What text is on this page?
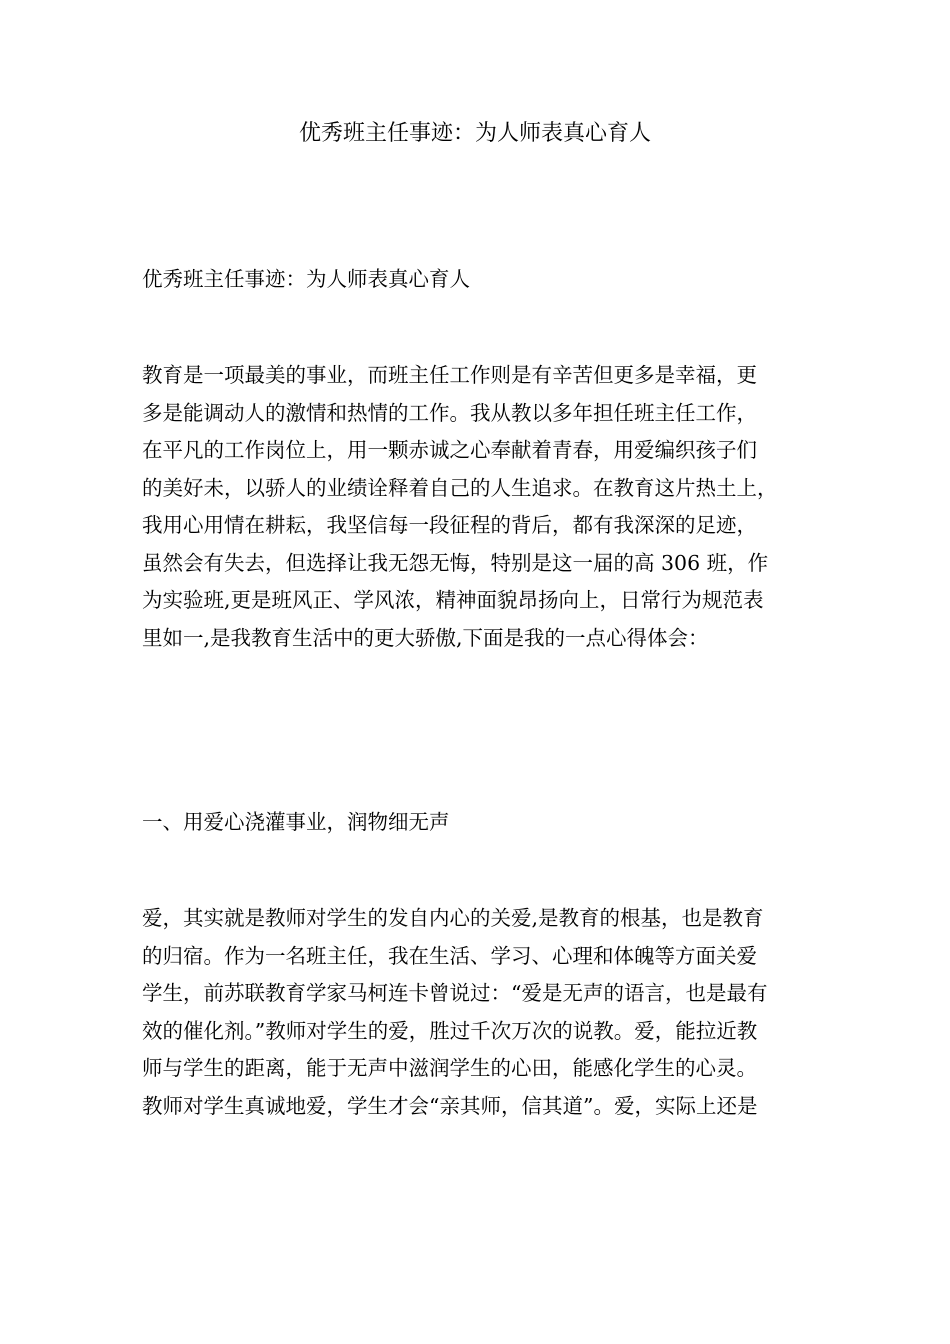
优秀班主任事迹：为人师表真心育人
优秀班主任事迹：为人师表真心育人
教育是一项最美的事业，而班主任工作则是有辛苦但更多是幸福，更
多是能调动人的激情和热情的工作。我从教以多年担任班主任工作，
在平凡的工作岗位上，用一颗赤诚之心奉献着青春，用爱编织孩子们
的美好未，以骄人的业绩诠释着自己的人生追求。在教育这片热土上，
我用心用情在耕耘，我坚信每一段征程的背后，都有我深深的足迹，
虽然会有失去，但选择让我无怨无悔，特别是这一届的高 306 班，作
为实验班,更是班风正、学风浓，精神面貌昂扬向上，日常行为规范表
里如一,是我教育生活中的更大骄傲,下面是我的一点心得体会：
一、用爱心浇灌事业，润物细无声
爱，其实就是教师对学生的发自内心的关爱,是教育的根基，也是教育
的归宿。作为一名班主任，我在生活、学习、心理和体魄等方面关爱
学生，前苏联教育学家马柯连卡曾说过：“爱是无声的语言，也是最有
效的催化剂。”教师对学生的爱，胜过千次万次的说教。爱，能拉近教
师与学生的距离，能于无声中滋润学生的心田，能感化学生的心灵。
教师对学生真诚地爱，学生才会“亲其师，信其道”。爱，实际上还是
